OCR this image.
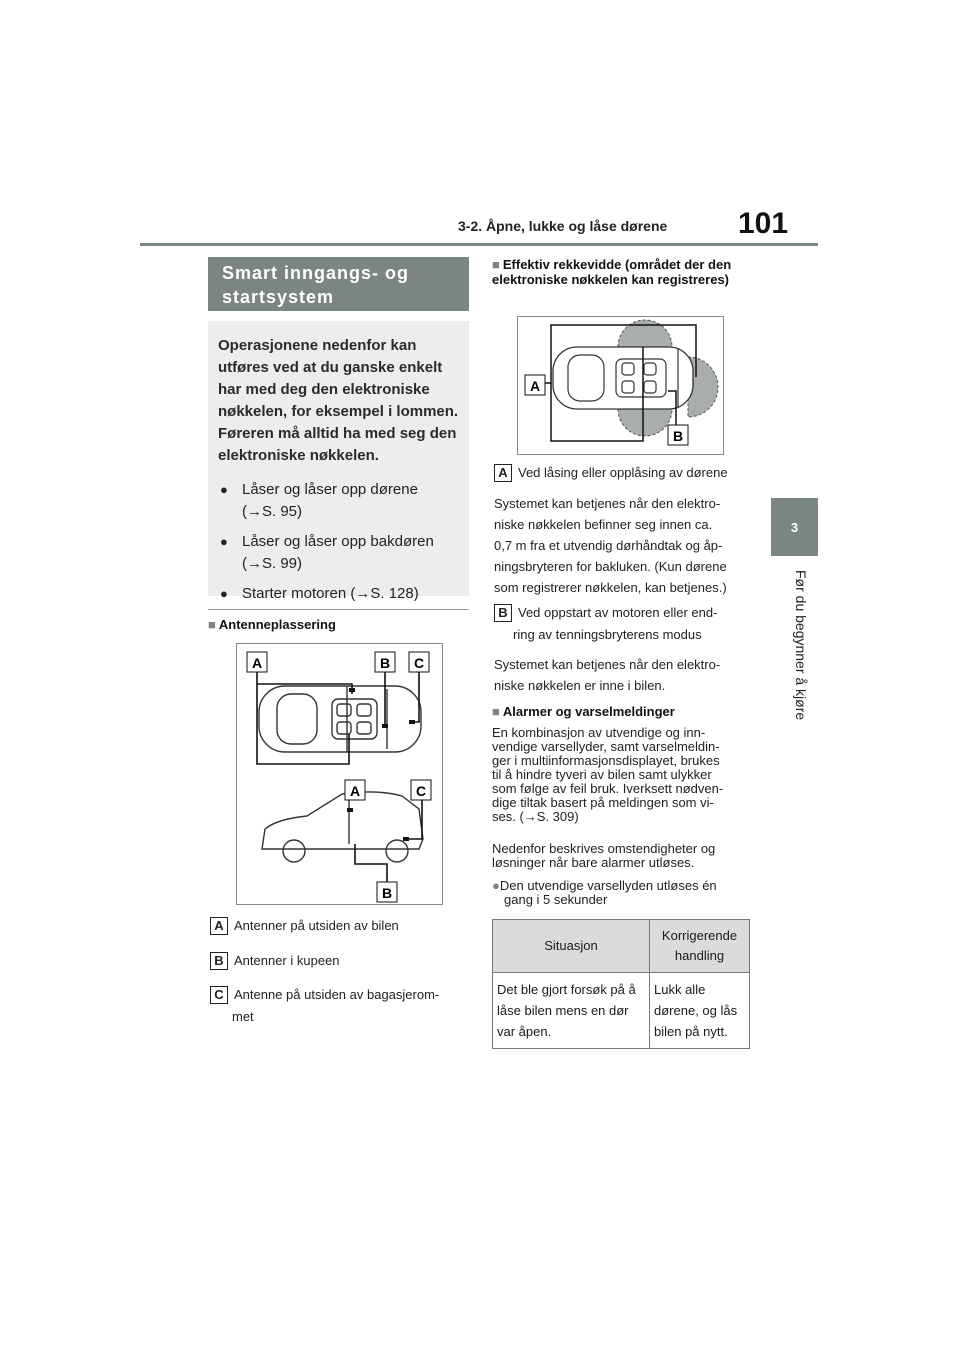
3-2. Åpne, lukke og låse dørene 101
3
Før du begynner å kjøre
Smart inngangs- og startsystem
Operasjonene nedenfor kan utføres ved at du ganske enkelt har med deg den elektroniske nøkkelen, for eksempel i lommen. Føreren må alltid ha med seg den elektroniske nøkkelen.
● Låser og låser opp dørene
(→S. 95)
● Låser og låser opp bakdøren
(→S. 99)
● Starter motoren (→S. 128)
■ Antenneplassering
A	B C
A	C
B
A Antenner på utsiden av bilen
B Antenner i kupeen
C Antenne på utsiden av bagasjerom-
met
■ Effektiv rekkevidde (området der den elektroniske nøkkelen kan registreres)
A
B
A Ved låsing eller opplåsing av dørene
Systemet kan betjenes når den elektro-
niske nøkkelen befinner seg innen ca.
0,7 m fra et utvendig dørhåndtak og åp-
ningsbryteren for bakluken. (Kun dørene
som registrerer nøkkelen, kan betjenes.)
B Ved oppstart av motoren eller end-
ring av tenningsbryterens modus
Systemet kan betjenes når den elektro-
niske nøkkelen er inne i bilen.
■ Alarmer og varselmeldinger
En kombinasjon av utvendige og inn-
vendige varsellyder, samt varselmeldin-
ger i multiinformasjonsdisplayet, brukes
til å hindre tyveri av bilen samt ulykker
som følge av feil bruk. Iverksett nødven-
dige tiltak basert på meldingen som vi-
ses. (→S. 309)
Nedenfor beskrives omstendigheter og
løsninger når bare alarmer utløses.
●Den utvendige varsellyden utløses én
gang i 5 sekunder
Situasjon	Korrigerende handling
Det ble gjort forsøk på å låse bilen mens en dør var åpen.	Lukk alle dørene, og lås bilen på nytt.
